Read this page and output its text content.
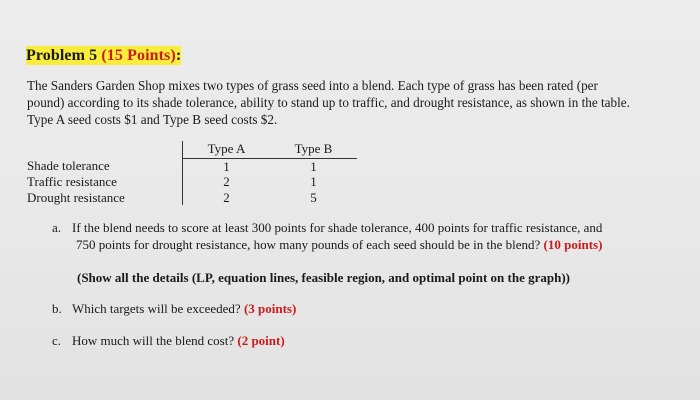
Problem 5 (15 Points):
The Sanders Garden Shop mixes two types of grass seed into a blend. Each type of grass has been rated (per
pound) according to its shade tolerance, ability to stand up to traffic, and drought resistance, as shown in the table.
Type A seed costs $1 and Type B seed costs $2.
	Type A	Type B
Shade tolerance	1	1
Traffic resistance	2	1
Drought resistance	2	5
a. If the blend needs to score at least 300 points for shade tolerance, 400 points for traffic resistance, and
750 points for drought resistance, how many pounds of each seed should be in the blend? (10 points)
(Show all the details (LP, equation lines, feasible region, and optimal point on the graph))
b. Which targets will be exceeded? (3 points)
c. How much will the blend cost? (2 point)
